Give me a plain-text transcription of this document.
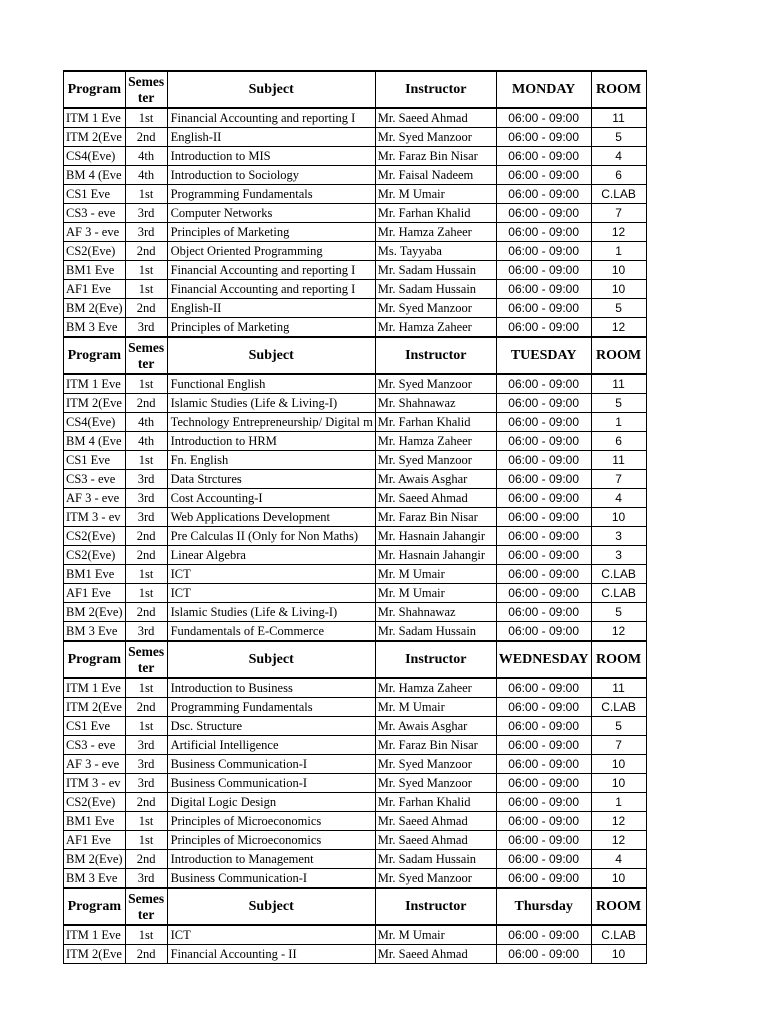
Program	Semes ter	Subject	Instructor	MONDAY	ROOM
ITM 1 Eve	1st	Financial Accounting and reporting I	Mr. Saeed Ahmad	06:00 - 09:00	11
ITM 2(Eve	2nd	English-II	Mr. Syed Manzoor	06:00 - 09:00	5
CS4(Eve)	4th	Introduction to MIS	Mr. Faraz Bin Nisar	06:00 - 09:00	4
BM 4 (Eve	4th	Introduction to Sociology	Mr. Faisal Nadeem	06:00 - 09:00	6
CS1 Eve	1st	Programming Fundamentals	Mr. M Umair	06:00 - 09:00	C.LAB
CS3 - eve	3rd	Computer Networks	Mr. Farhan Khalid	06:00 - 09:00	7
AF 3 - eve	3rd	Principles of Marketing	Mr. Hamza Zaheer	06:00 - 09:00	12
CS2(Eve)	2nd	Object Oriented Programming	Ms. Tayyaba	06:00 - 09:00	1
BM1 Eve	1st	Financial Accounting and reporting I	Mr. Sadam Hussain	06:00 - 09:00	10
AF1 Eve	1st	Financial Accounting and reporting I	Mr. Sadam Hussain	06:00 - 09:00	10
BM 2(Eve)	2nd	English-II	Mr. Syed Manzoor	06:00 - 09:00	5
BM 3 Eve	3rd	Principles of Marketing	Mr. Hamza Zaheer	06:00 - 09:00	12
Program	Semes ter	Subject	Instructor	TUESDAY	ROOM
ITM 1 Eve	1st	Functional English	Mr. Syed Manzoor	06:00 - 09:00	11
ITM 2(Eve	2nd	Islamic Studies (Life & Living-I)	Mr. Shahnawaz	06:00 - 09:00	5
CS4(Eve)	4th	Technology Entrepreneurship/ Digital m	Mr. Farhan Khalid	06:00 - 09:00	1
BM 4 (Eve	4th	Introduction to HRM	Mr. Hamza Zaheer	06:00 - 09:00	6
CS1 Eve	1st	Fn. English	Mr. Syed Manzoor	06:00 - 09:00	11
CS3 - eve	3rd	Data Strctures	Mr. Awais Asghar	06:00 - 09:00	7
AF 3 - eve	3rd	Cost Accounting-I	Mr. Saeed Ahmad	06:00 - 09:00	4
ITM 3 - ev	3rd	Web Applications Development	Mr. Faraz Bin Nisar	06:00 - 09:00	10
CS2(Eve)	2nd	Pre Calculas II (Only for Non Maths)	Mr. Hasnain Jahangir	06:00 - 09:00	3
CS2(Eve)	2nd	Linear Algebra	Mr. Hasnain Jahangir	06:00 - 09:00	3
BM1 Eve	1st	ICT	Mr. M Umair	06:00 - 09:00	C.LAB
AF1 Eve	1st	ICT	Mr. M Umair	06:00 - 09:00	C.LAB
BM 2(Eve)	2nd	Islamic Studies (Life & Living-I)	Mr. Shahnawaz	06:00 - 09:00	5
BM 3 Eve	3rd	Fundamentals of E-Commerce	Mr. Sadam Hussain	06:00 - 09:00	12
Program	Semes ter	Subject	Instructor	WEDNESDAY	ROOM
ITM 1 Eve	1st	Introduction to Business	Mr. Hamza Zaheer	06:00 - 09:00	11
ITM 2(Eve	2nd	Programming Fundamentals	Mr. M Umair	06:00 - 09:00	C.LAB
CS1 Eve	1st	Dsc. Structure	Mr. Awais Asghar	06:00 - 09:00	5
CS3 - eve	3rd	Artificial Intelligence	Mr. Faraz Bin Nisar	06:00 - 09:00	7
AF 3 - eve	3rd	Business Communication-I	Mr. Syed Manzoor	06:00 - 09:00	10
ITM 3 - ev	3rd	Business Communication-I	Mr. Syed Manzoor	06:00 - 09:00	10
CS2(Eve)	2nd	Digital Logic Design	Mr. Farhan Khalid	06:00 - 09:00	1
BM1 Eve	1st	Principles of Microeconomics	Mr. Saeed Ahmad	06:00 - 09:00	12
AF1 Eve	1st	Principles of Microeconomics	Mr. Saeed Ahmad	06:00 - 09:00	12
BM 2(Eve)	2nd	Introduction to Management	Mr. Sadam Hussain	06:00 - 09:00	4
BM 3 Eve	3rd	Business Communication-I	Mr. Syed Manzoor	06:00 - 09:00	10
Program	Semes ter	Subject	Instructor	Thursday	ROOM
ITM 1 Eve	1st	ICT	Mr. M Umair	06:00 - 09:00	C.LAB
ITM 2(Eve	2nd	Financial Accounting - II	Mr. Saeed Ahmad	06:00 - 09:00	10
